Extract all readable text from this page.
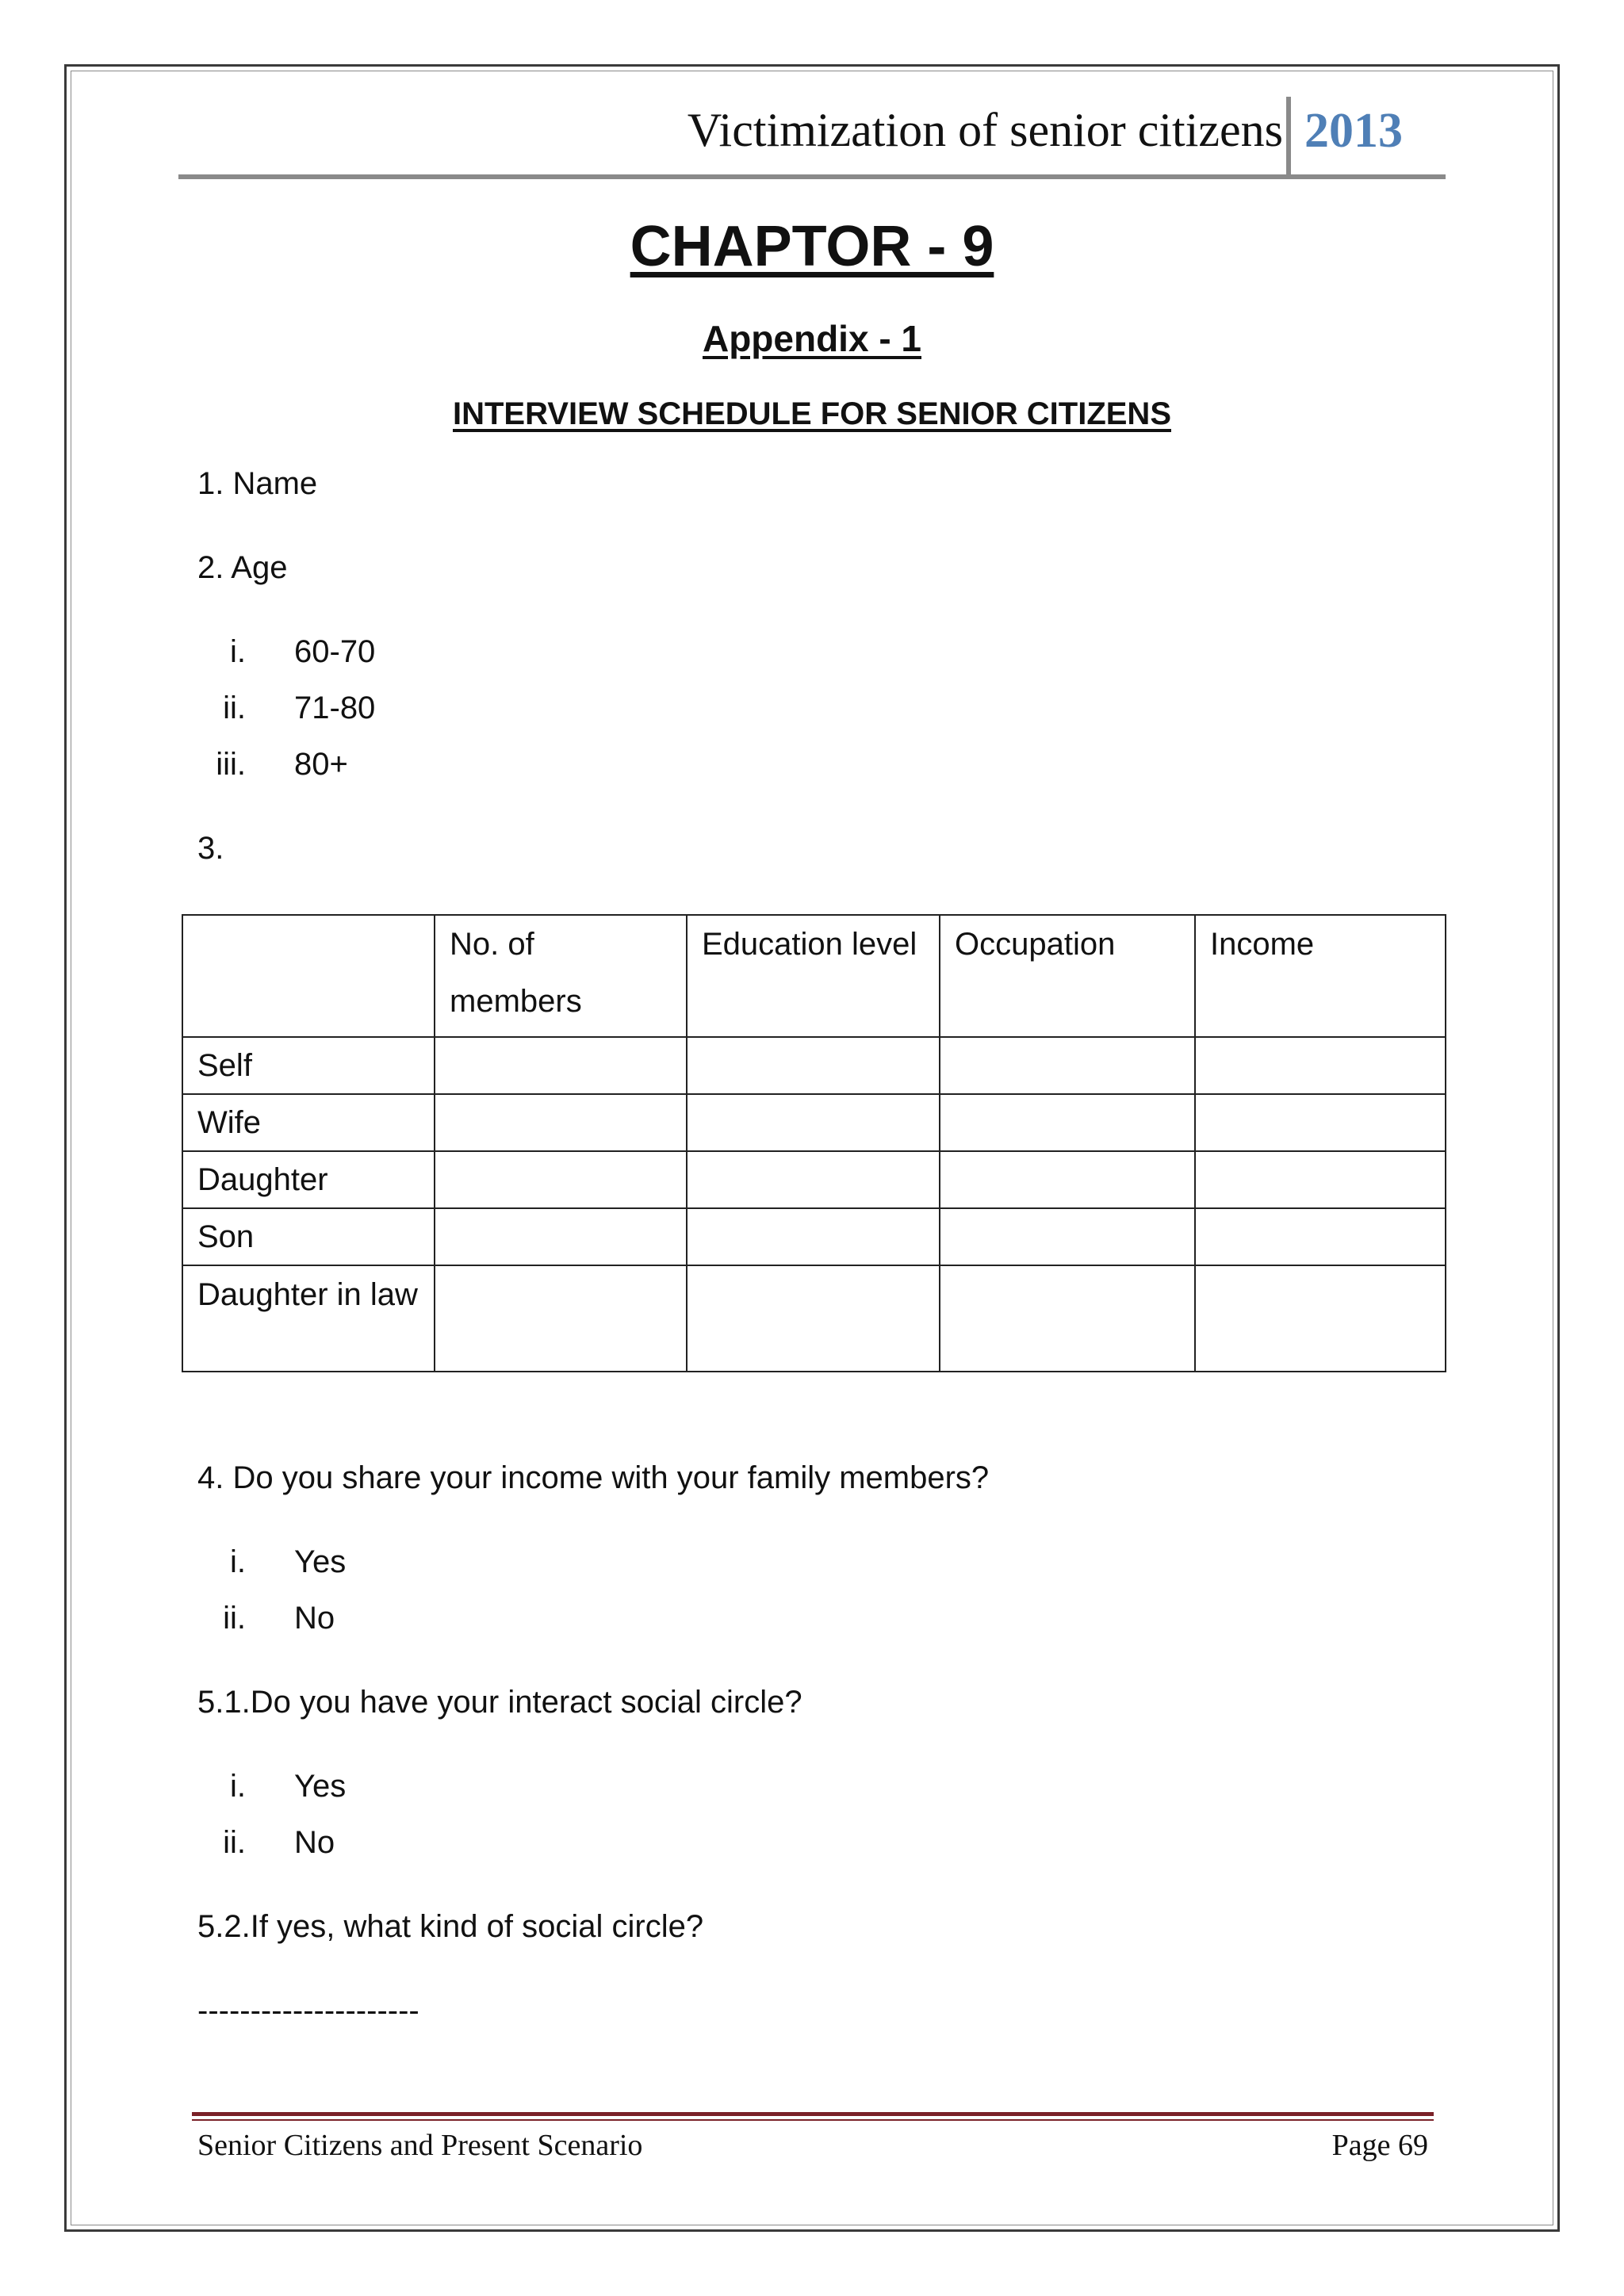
Victimization of senior citizens 2013
CHAPTOR - 9
Appendix - 1
INTERVIEW SCHEDULE FOR SENIOR CITIZENS
1. Name
2. Age
i. 60-70
ii. 71-80
iii. 80+
3.

	No. of members	Education level	Occupation	Income

Self				
Wife				
Daughter				
Son				
Daughter in law				
4. Do you share your income with your family members?
i. Yes
ii. No
5.1.Do you have your interact social circle?
i. Yes
ii. No
5.2.If yes, what kind of social circle?
---------------------
Senior Citizens and Present Scenario	Page 69
